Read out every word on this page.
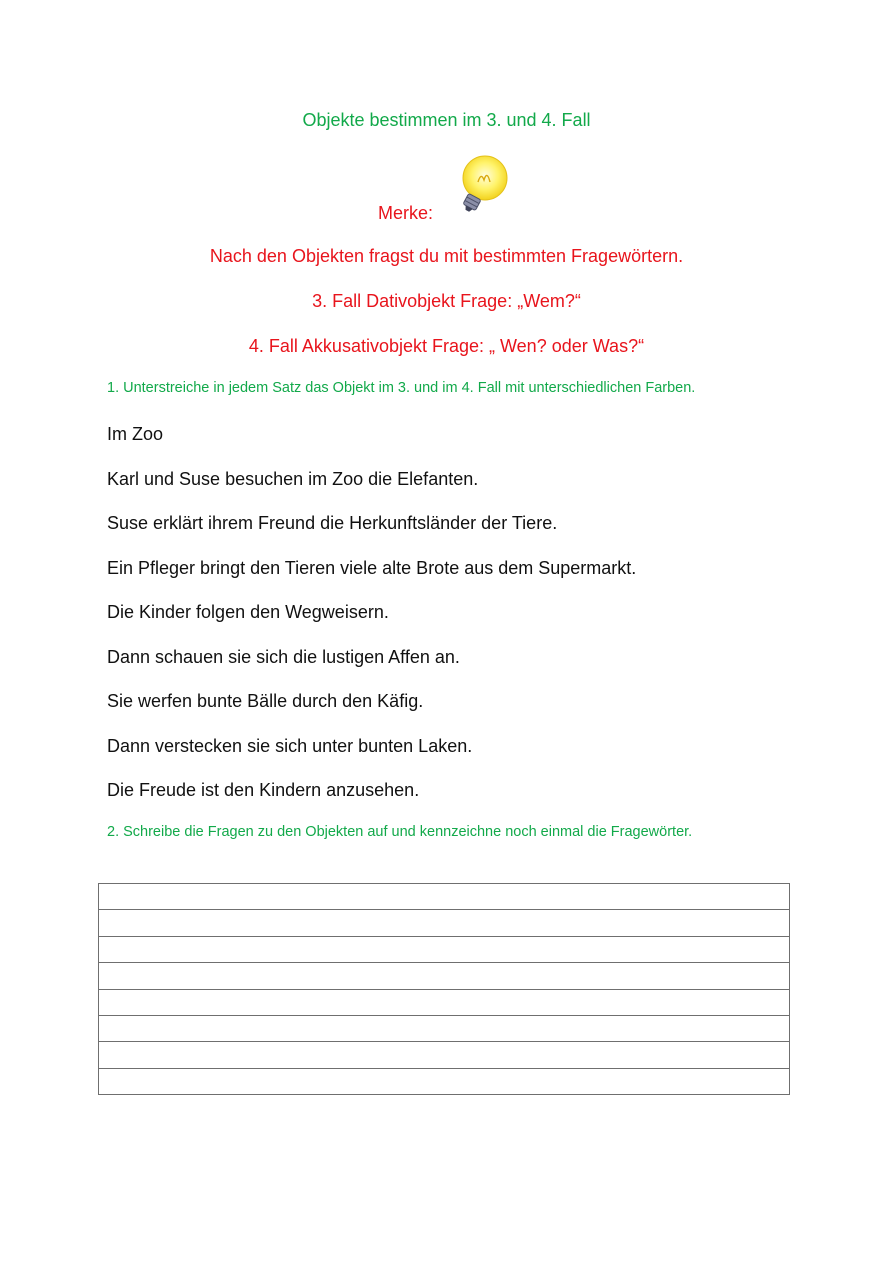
Objekte bestimmen im 3. und 4. Fall
Merke:
Nach den Objekten fragst du mit bestimmten Fragewörtern.
3. Fall Dativobjekt Frage: „Wem?“
4. Fall Akkusativobjekt Frage: „ Wen? oder Was?“
1. Unterstreiche in jedem Satz das Objekt im 3. und im 4. Fall mit unterschiedlichen Farben.
Im Zoo
Karl und Suse besuchen im Zoo die Elefanten.
Suse erklärt ihrem Freund die Herkunftsländer der Tiere.
Ein Pfleger bringt den Tieren viele alte Brote aus dem Supermarkt.
Die Kinder folgen den Wegweisern.
Dann schauen sie sich die lustigen Affen an.
Sie werfen bunte Bälle durch den Käfig.
Dann verstecken sie sich unter bunten Laken.
Die Freude ist den Kindern anzusehen.
2. Schreibe die Fragen zu den Objekten auf und kennzeichne noch einmal die Fragewörter.
